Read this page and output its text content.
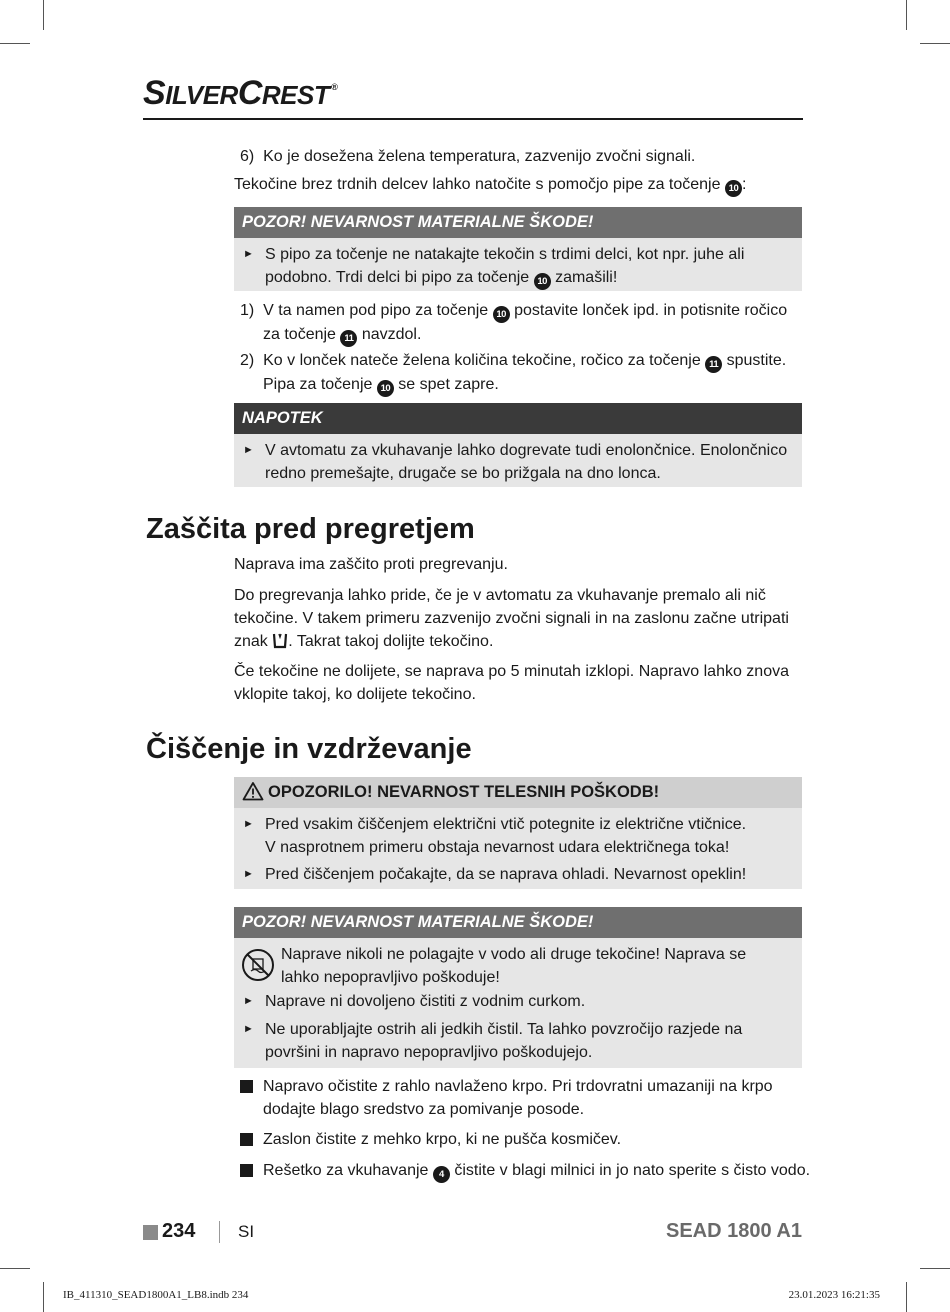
SILVERCREST ®
6) Ko je dosežena želena temperatura, zazvenijo zvočni signali.
Tekočine brez trdnih delcev lahko natočite s pomočjo pipe za točenje 10 :
POZOR! NEVARNOST MATERIALNE ŠKODE!
► S pipo za točenje ne natakajte tekočin s trdimi delci, kot npr. juhe ali
podobno. Trdi delci bi pipo za točenje 10 zamašili!
1) V ta namen pod pipo za točenje 10 postavite lonček ipd. in potisnite ročico
za točenje 11 navzdol.
2) Ko v lonček nateče želena količina tekočine, ročico za točenje 11 spustite.
Pipa za točenje 10 se spet zapre.
NAPOTEK
► V avtomatu za vkuhavanje lahko dogrevate tudi enolončnice. Enolončnico
redno premešajte, drugače se bo prižgala na dno lonca.
Zaščita pred pregretjem
Naprava ima zaščito proti pregrevanju.
Do pregrevanja lahko pride, če je v avtomatu za vkuhavanje premalo ali nič
tekočine. V takem primeru zazvenijo zvočni signali in na zaslonu začne utripati
znak . Takrat takoj dolijte tekočino.
Če tekočine ne dolijete, se naprava po 5 minutah izklopi. Napravo lahko znova
vklopite takoj, ko dolijete tekočino.
Čiščenje in vzdrževanje
OPOZORILO! NEVARNOST TELESNIH POŠKODB!
► Pred vsakim čiščenjem električni vtič potegnite iz električne vtičnice.
V nasprotnem primeru obstaja nevarnost udara električnega toka!
► Pred čiščenjem počakajte, da se naprava ohladi. Nevarnost opeklin!
POZOR! NEVARNOST MATERIALNE ŠKODE!
Naprave nikoli ne polagajte v vodo ali druge tekočine! Naprava se
lahko nepopravljivo poškoduje!
► Naprave ni dovoljeno čistiti z vodnim curkom.
► Ne uporabljajte ostrih ali jedkih čistil. Ta lahko povzročijo razjede na
površini in napravo nepopravljivo poškodujejo.
Napravo očistite z rahlo navlaženo krpo. Pri trdovratni umazaniji na krpo
dodajte blago sredstvo za pomivanje posode.
Zaslon čistite z mehko krpo, ki ne pušča kosmičev.
Rešetko za vkuhavanje 4 čistite v blagi milnici in jo nato sperite s čisto vodo.
234	SI	SEAD 1800 A1
IB_411310_SEAD1800A1_LB8.indb 234	23.01.2023 16:21:35
